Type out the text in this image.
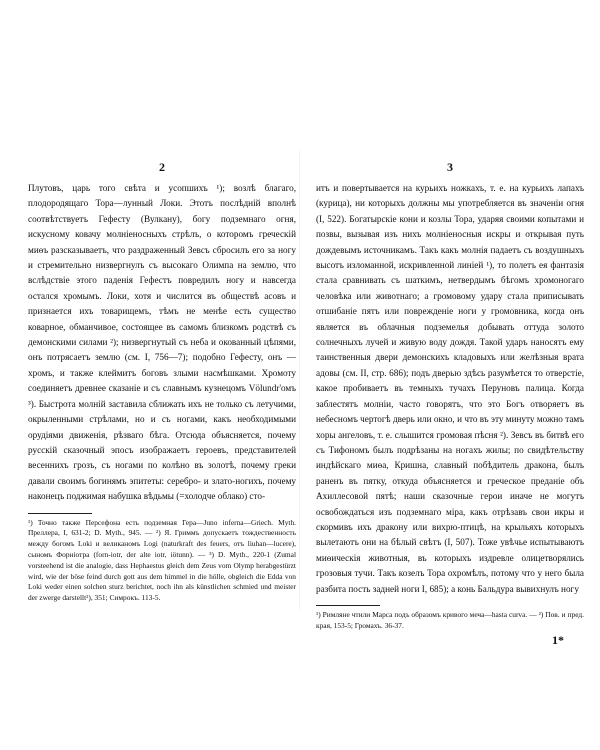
2
Плутовъ, царь того свѣта и усопшихъ ¹); возлѣ благаго, плодородящаго Тора—лунный Локи. Этотъ послѣдній вполнѣ соотвѣтствуетъ Гефесту (Вулкану), богу подземнаго огня, искусному ковачу молніеносныхъ стрѣлъ, о которомъ греческій миѳъ разсказываетъ, что раздраженный Зевсъ сбросилъ его за ногу и стремительно низвергнулъ съ высокаго Олимпа на землю, что вслѣдствіе этого паденія Гефестъ повредилъ ногу и навсегда остался хромымъ. Локи, хотя и числится въ обществѣ асовъ и признается ихъ товарищемъ, тѣмъ не менѣе есть существо коварное, обманчивое, состоящее въ самомъ близкомъ родствѣ съ демонскими силами ²); низвергнутый съ неба и окованный цѣпями, онъ потрясаетъ землю (см. I, 756—7); подобно Гефесту, онъ — хромъ, и также клеймитъ боговъ злыми насмѣшками. Хромоту соединяетъ древнее сказаніе и съ славнымъ кузнецомъ Völundr'омъ ³). Быстрота молній заставила сближать ихъ не только съ летучими, окрыленными стрѣлами, но и съ ногами, какъ необходимыми орудіями движенія, рѣзваго бѣга. Отсюда объясняется, почему русскій сказочный эпосъ изображаетъ героевъ, представителей весеннихъ грозъ, съ ногами по колѣно въ золотѣ, почему греки давали своимъ богинямъ эпитеты: серебро- и злато-ногихъ, почему наконецъ поджимая набушка вѣдьмы (=холодче облако) сто-
¹) Точно также Персефона есть подземная Гера—Juno inferna—Griech. Myth. Преллера, I, 631-2; D. Myth., 945. — ²) Я. Гриммъ допускаетъ тождественность между богомъ Loki и великаномъ Logi (naturkraft des feuers, отъ liuhan—lucere), сыномъ Форніотра (forn-iotr, der alte iotr, iötunn). — ³) D. Myth., 220-1 (Zumal vorsteehend ist die analogie, dass Hephaestus gleich dem Zeus vom Olymp herabgestürzt wird, wie der böse feind durch gott aus dem himmel in die hölle, obgleich die Edda von Loki weder einen solchen sturz berichtet, noch ihn als künstlichen schmied und meister der zwerge darstellt²), 351; Симрокъ. 113-5.
3
итъ и повертывается на курьихъ ножкахъ, т. е. на курьихъ лапахъ (курица), ни которыхъ должны мы употребляется въ значеніи огня (I, 522). Богатырскіе кони и козлы Тора, ударяя своими копытами и позвы, вызывая изъ нихъ молніеносныя искры и открывая путь дождевымъ источникамъ. Такъ какъ молнія падаетъ съ воздушныхъ высотъ изломанной, искривленной линіей ¹), то полетъ ея фантазія стала сравнивать съ шаткимъ, нетвердымъ бѣгомъ хромоногаго человѣка или животнаго; а громовому удару стала приписывать отшибаніе пятъ или поврежденіе ноги у громовника, когда онъ является въ облачныя подземелья добывать оттуда золото солнечныхъ лучей и живую воду дождя. Такой ударъ наносятъ ему таинственныя двери демонскихъ кладовыхъ или желѣзныя врата адовы (см. II, стр. 686); подъ дверью здѣсь разумѣется то отверстіе, какое пробиваетъ въ темныхъ тучахъ Перуновъ палица. Когда заблестятъ молніи, часто говорятъ, что это Богъ отворяетъ въ небесномъ чертогѣ дверь или окно, и что въ эту минуту можно тамъ хоры ангеловъ, т. е. слышится громовая пѣсня ²). Зевсъ въ битвѣ его съ Тифономъ былъ подрѣзаны на ногахъ жилы; по свидѣтельству индѣйскаго миѳа, Кришна, славный побѣдитель дракона, былъ раненъ въ пятку, откуда объясняется и греческое преданіе объ Ахиллесовой пятѣ; наши сказочные герои иначе не могутъ освобождаться изъ подземнаго міра, какъ отрѣзавъ свои икры и скормивъ ихъ дракону или вихрю-птицѣ, на крыльяхъ которыхъ вылетаютъ они на бѣлый свѣтъ (I, 507). Тоже увѣчье испытываютъ миѳическія животныя, въ которыхъ издревле олицетворялись грозовыя тучи. Такъ козелъ Тора охромѣлъ, потому что у него была разбита пость задней ноги I, 685); а конь Бальдура вывихнулъ ногу
¹) Римляне чтили Марса подъ образомъ кривого меча—hasta curva. — ²) Пов. и пред. края, 153-5; Громахъ. 36-37.
1*
